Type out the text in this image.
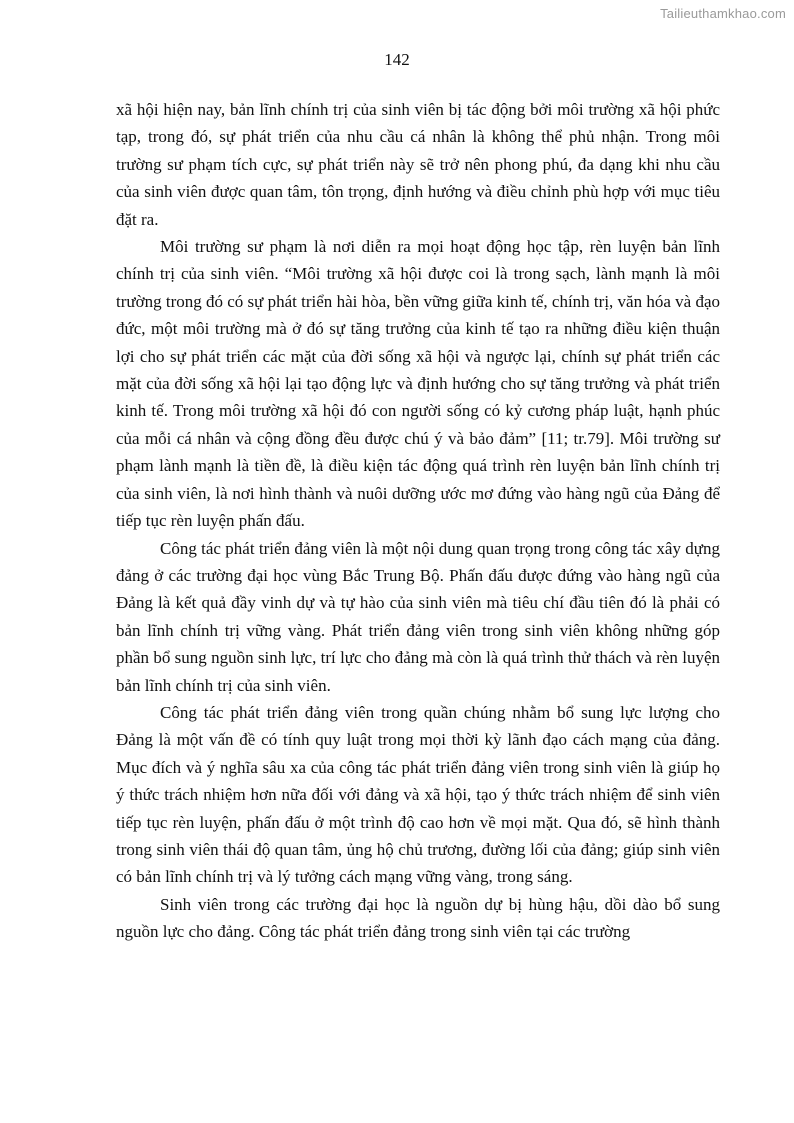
Tailieuthamkhao.com
142

xã hội hiện nay, bản lĩnh chính trị của sinh viên bị tác động bởi môi trường xã hội phức tạp, trong đó, sự phát triển của nhu cầu cá nhân là không thể phủ nhận. Trong môi trường sư phạm tích cực, sự phát triển này sẽ trở nên phong phú, đa dạng khi nhu cầu của sinh viên được quan tâm, tôn trọng, định hướng và điều chỉnh phù hợp với mục tiêu đặt ra.

Môi trường sư phạm là nơi diễn ra mọi hoạt động học tập, rèn luyện bản lĩnh chính trị của sinh viên. “Môi trường xã hội được coi là trong sạch, lành mạnh là môi trường trong đó có sự phát triển hài hòa, bền vững giữa kinh tế, chính trị, văn hóa và đạo đức, một môi trường mà ở đó sự tăng trưởng của kinh tế tạo ra những điều kiện thuận lợi cho sự phát triển các mặt của đời sống xã hội và ngược lại, chính sự phát triển các mặt của đời sống xã hội lại tạo động lực và định hướng cho sự tăng trưởng và phát triển kinh tế. Trong môi trường xã hội đó con người sống có kỷ cương pháp luật, hạnh phúc của mỗi cá nhân và cộng đồng đều được chú ý và bảo đảm” [11; tr.79]. Môi trường sư phạm lành mạnh là tiền đề, là điều kiện tác động quá trình rèn luyện bản lĩnh chính trị của sinh viên, là nơi hình thành và nuôi dưỡng ước mơ đứng vào hàng ngũ của Đảng để tiếp tục rèn luyện phấn đấu.

Công tác phát triển đảng viên là một nội dung quan trọng trong công tác xây dựng đảng ở các trường đại học vùng Bắc Trung Bộ. Phấn đấu được đứng vào hàng ngũ của Đảng là kết quả đầy vinh dự và tự hào của sinh viên mà tiêu chí đầu tiên đó là phải có bản lĩnh chính trị vững vàng. Phát triển đảng viên trong sinh viên không những góp phần bổ sung nguồn sinh lực, trí lực cho đảng mà còn là quá trình thử thách và rèn luyện bản lĩnh chính trị của sinh viên.

Công tác phát triển đảng viên trong quần chúng nhằm bổ sung lực lượng cho Đảng là một vấn đề có tính quy luật trong mọi thời kỳ lãnh đạo cách mạng của đảng. Mục đích và ý nghĩa sâu xa của công tác phát triển đảng viên trong sinh viên là giúp họ ý thức trách nhiệm hơn nữa đối với đảng và xã hội, tạo ý thức trách nhiệm để sinh viên tiếp tục rèn luyện, phấn đấu ở một trình độ cao hơn về mọi mặt. Qua đó, sẽ hình thành trong sinh viên thái độ quan tâm, ủng hộ chủ trương, đường lối của đảng; giúp sinh viên có bản lĩnh chính trị và lý tưởng cách mạng vững vàng, trong sáng.

Sinh viên trong các trường đại học là nguồn dự bị hùng hậu, dồi dào bổ sung nguồn lực cho đảng. Công tác phát triển đảng trong sinh viên tại các trường
